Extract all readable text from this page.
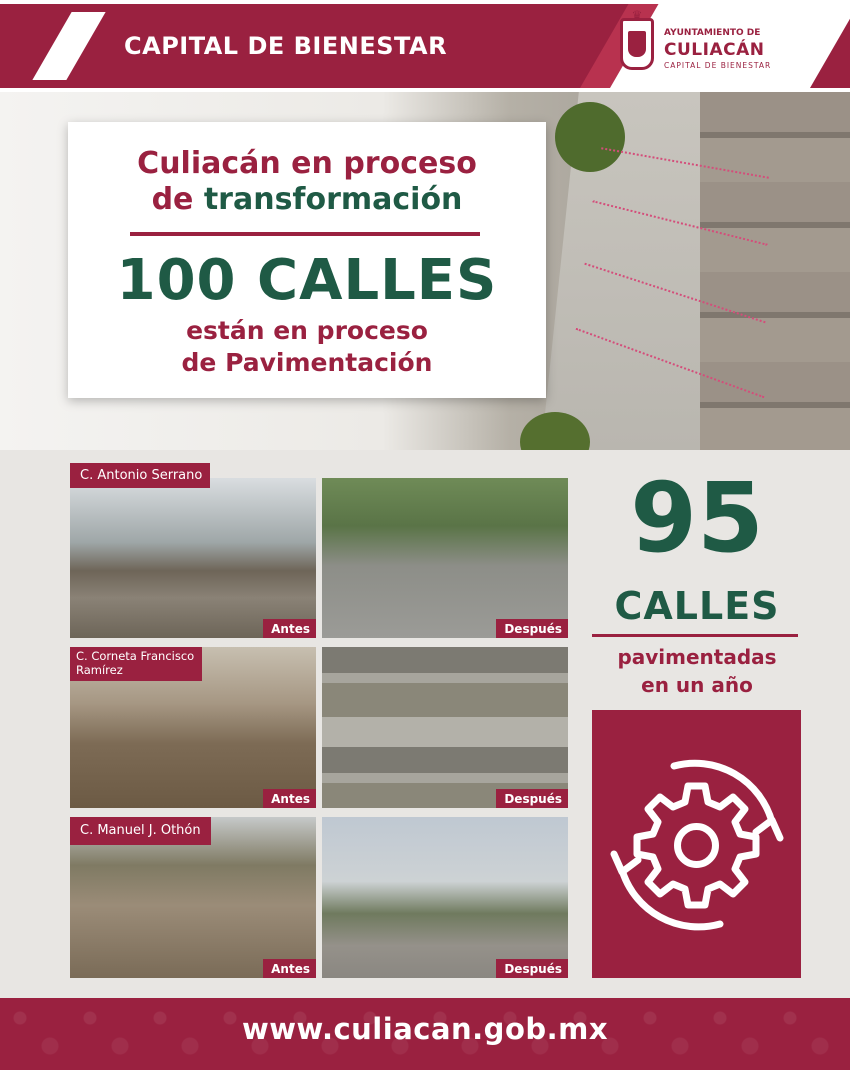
CAPITAL DE BIENESTAR
♛
AYUNTAMIENTO DE
CULIACÁN
CAPITAL DE BIENESTAR
Culiacán en proceso
de transformación
100 CALLES
están en proceso
de Pavimentación
Antes
C. Antonio Serrano
Después
Antes
C. Corneta Francisco
Ramírez
Después
Antes
C. Manuel J. Othón
Después
95
CALLES
pavimentadas
en un año
www.culiacan.gob.mx
